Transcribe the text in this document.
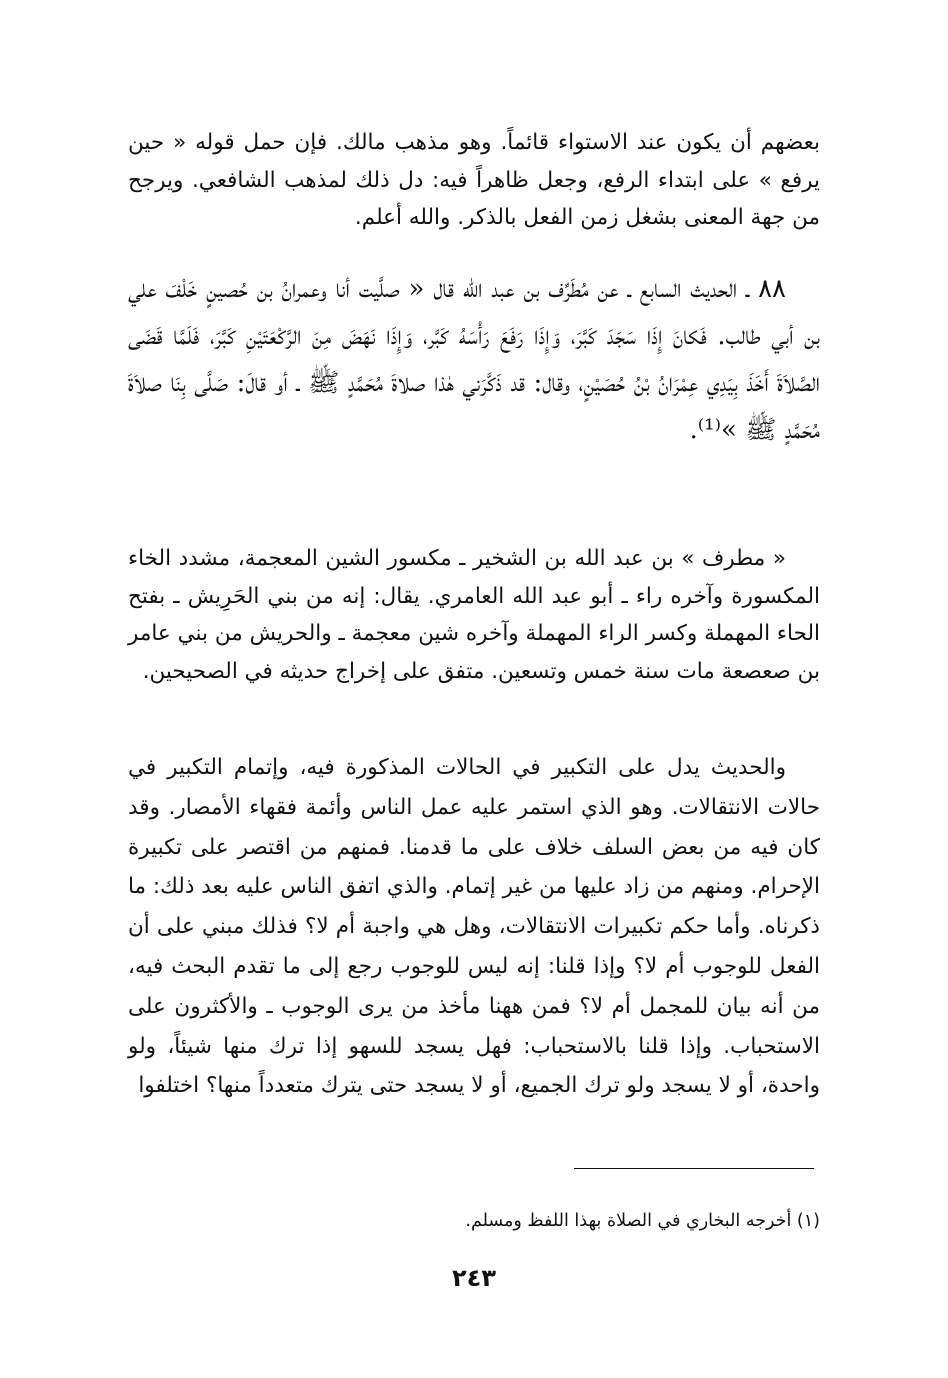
بعضهم أن يكون عند الاستواء قائماً. وهو مذهب مالك. فإن حمل قوله « حين يرفع » على ابتداء الرفع، وجعل ظاهراً فيه: دل ذلك لمذهب الشافعي. ويرجح من جهة المعنى بشغل زمن الفعل بالذكر. والله أعلم.

٨٨ ـ الحديث السابع ـ عن مُطَرِّف بن عبد الله قال « صلَّيت أنا وعمرانُ بن حُصينٍ خَلْفَ علي بن أبي طالب. فَكانَ إِذَا سَجَدَ كَبَّرَ، وَإِذَا رَفَعَ رَأْسَهُ كَبَّر، وَإِذَا نَهَضَ مِنَ الرَّكْعَتَيْنِ كَبَّرَ، فَلَمَّا قَضَى الصَّلاَةَ أَخَذَ بِيَدِي عِمْرَانُ بْنُ حُصَيْنٍ، وقال: قد ذَكَّرَني هٰذا صلاةَ مُحَمَّدٍ ﷺ ـ أو قالَ: صَلَّى بِنَا صلاَةَ مُحَمَّدٍ ﷺ »⁽¹⁾.

« مطرف » بن عبد الله بن الشخير ـ مكسور الشين المعجمة، مشدد الخاء المكسورة وآخره راء ـ أبو عبد الله العامري. يقال: إنه من بني الحَرِيش ـ بفتح الحاء المهملة وكسر الراء المهملة وآخره شين معجمة ـ والحريش من بني عامر بن صعصعة مات سنة خمس وتسعين. متفق على إخراج حديثه في الصحيحين.

والحديث يدل على التكبير في الحالات المذكورة فيه، وإتمام التكبير في حالات الانتقالات. وهو الذي استمر عليه عمل الناس وأئمة فقهاء الأمصار. وقد كان فيه من بعض السلف خلاف على ما قدمنا. فمنهم من اقتصر على تكبيرة الإحرام. ومنهم من زاد عليها من غير إتمام. والذي اتفق الناس عليه بعد ذلك: ما ذكرناه. وأما حكم تكبيرات الانتقالات، وهل هي واجبة أم لا؟ فذلك مبني على أن الفعل للوجوب أم لا؟ وإذا قلنا: إنه ليس للوجوب رجع إلى ما تقدم البحث فيه، من أنه بيان للمجمل أم لا؟ فمن ههنا مأخذ من يرى الوجوب ـ والأكثرون على الاستحباب. وإذا قلنا بالاستحباب: فهل يسجد للسهو إذا ترك منها شيئاً، ولو واحدة، أو لا يسجد ولو ترك الجميع، أو لا يسجد حتى يترك متعدداً منها؟ اختلفوا

(١) أخرجه البخاري في الصلاة بهذا اللفظ ومسلم.

٢٤٣
